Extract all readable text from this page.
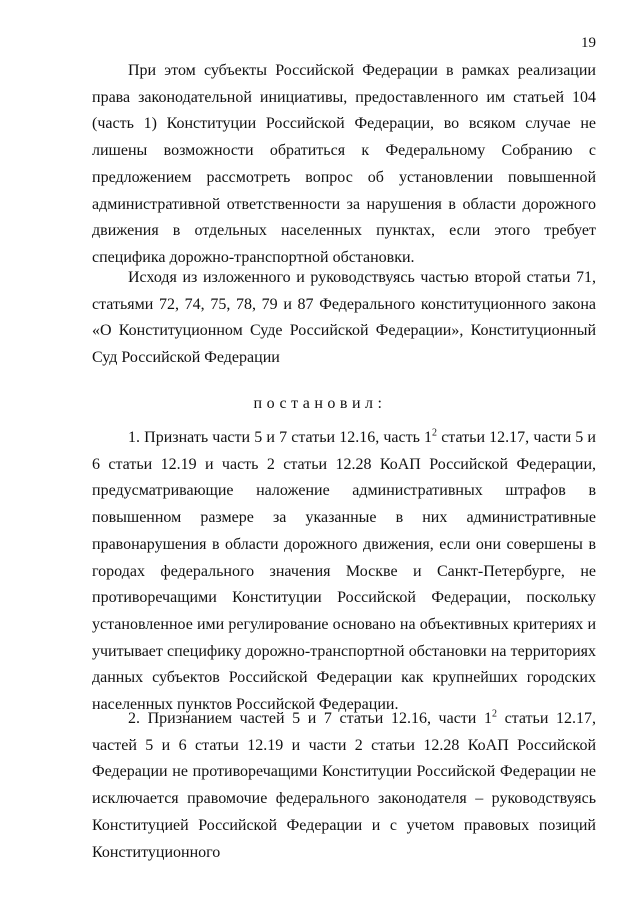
19

При этом субъекты Российской Федерации в рамках реализации права законодательной инициативы, предоставленного им статьей 104 (часть 1) Конституции Российской Федерации, во всяком случае не лишены возможности обратиться к Федеральному Собранию с предложением рассмотреть вопрос об установлении повышенной административной ответственности за нарушения в области дорожного движения в отдельных населенных пунктах, если этого требует специфика дорожно-транспортной обстановки.

Исходя из изложенного и руководствуясь частью второй статьи 71, статьями 72, 74, 75, 78, 79 и 87 Федерального конституционного закона «О Конституционном Суде Российской Федерации», Конституционный Суд Российской Федерации

постановил:

1. Признать части 5 и 7 статьи 12.16, часть $1^2$ статьи 12.17, части 5 и 6 статьи 12.19 и часть 2 статьи 12.28 КоАП Российской Федерации, предусматривающие наложение административных штрафов в повышенном размере за указанные в них административные правонарушения в области дорожного движения, если они совершены в городах федерального значения Москве и Санкт-Петербурге, не противоречащими Конституции Российской Федерации, поскольку установленное ими регулирование основано на объективных критериях и учитывает специфику дорожно-транспортной обстановки на территориях данных субъектов Российской Федерации как крупнейших городских населенных пунктов Российской Федерации.

2. Признанием частей 5 и 7 статьи 12.16, части $1^2$ статьи 12.17, частей 5 и 6 статьи 12.19 и части 2 статьи 12.28 КоАП Российской Федерации не противоречащими Конституции Российской Федерации не исключается правомочие федерального законодателя – руководствуясь Конституцией Российской Федерации и с учетом правовых позиций Конституционного
